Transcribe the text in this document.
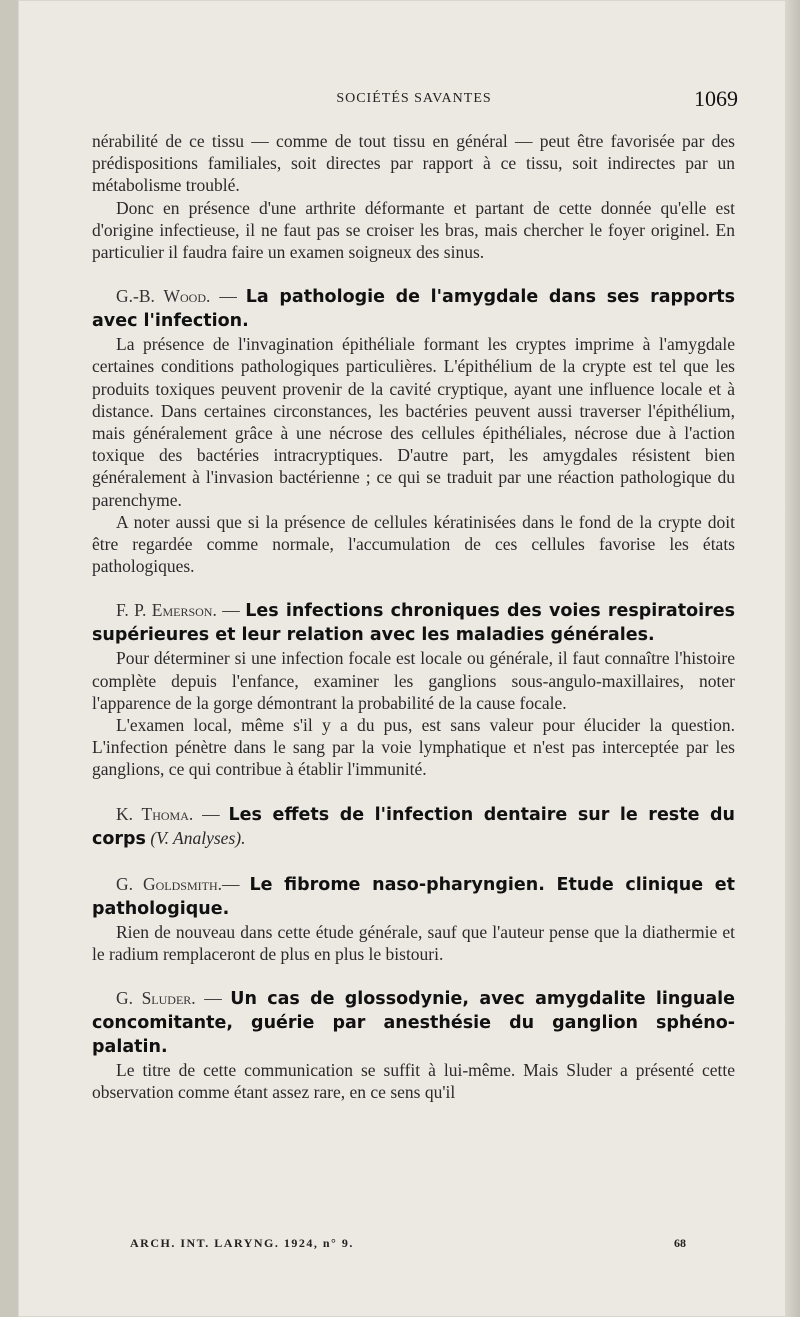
SOCIÉTÉS SAVANTES	1069

nérabilité de ce tissu — comme de tout tissu en général — peut être favorisée par des prédispositions familiales, soit directes par rapport à ce tissu, soit indirectes par un métabolisme troublé.

Donc en présence d'une arthrite déformante et partant de cette donnée qu'elle est d'origine infectieuse, il ne faut pas se croiser les bras, mais chercher le foyer originel. En particulier il faudra faire un examen soigneux des sinus.

G.-B. Wood. — La pathologie de l'amygdale dans ses rapports avec l'infection.

La présence de l'invagination épithéliale formant les cryptes imprime à l'amygdale certaines conditions pathologiques particulières. L'épithélium de la crypte est tel que les produits toxiques peuvent provenir de la cavité cryptique, ayant une influence locale et à distance. Dans certaines circonstances, les bactéries peuvent aussi traverser l'épithélium, mais généralement grâce à une nécrose des cellules épithéliales, nécrose due à l'action toxique des bactéries intracryptiques. D'autre part, les amygdales résistent bien généralement à l'invasion bactérienne ; ce qui se traduit par une réaction pathologique du parenchyme.

A noter aussi que si la présence de cellules kératinisées dans le fond de la crypte doit être regardée comme normale, l'accumulation de ces cellules favorise les états pathologiques.

F. P. Emerson. — Les infections chroniques des voies respiratoires supérieures et leur relation avec les maladies générales.

Pour déterminer si une infection focale est locale ou générale, il faut connaître l'histoire complète depuis l'enfance, examiner les ganglions sous-angulo-maxillaires, noter l'apparence de la gorge démontrant la probabilité de la cause focale.

L'examen local, même s'il y a du pus, est sans valeur pour élucider la question. L'infection pénètre dans le sang par la voie lymphatique et n'est pas interceptée par les ganglions, ce qui contribue à établir l'immunité.

K. Thoma. — Les effets de l'infection dentaire sur le reste du corps (V. Analyses).

G. Goldsmith.— Le fibrome naso-pharyngien. Etude clinique et pathologique.

Rien de nouveau dans cette étude générale, sauf que l'auteur pense que la diathermie et le radium remplaceront de plus en plus le bistouri.

G. Sluder. — Un cas de glossodynie, avec amygdalite linguale concomitante, guérie par anesthésie du ganglion sphéno-palatin.

Le titre de cette communication se suffit à lui-même. Mais Sluder a présenté cette observation comme étant assez rare, en ce sens qu'il

ARCH. INT. LARYNG. 1924, n° 9.	68
